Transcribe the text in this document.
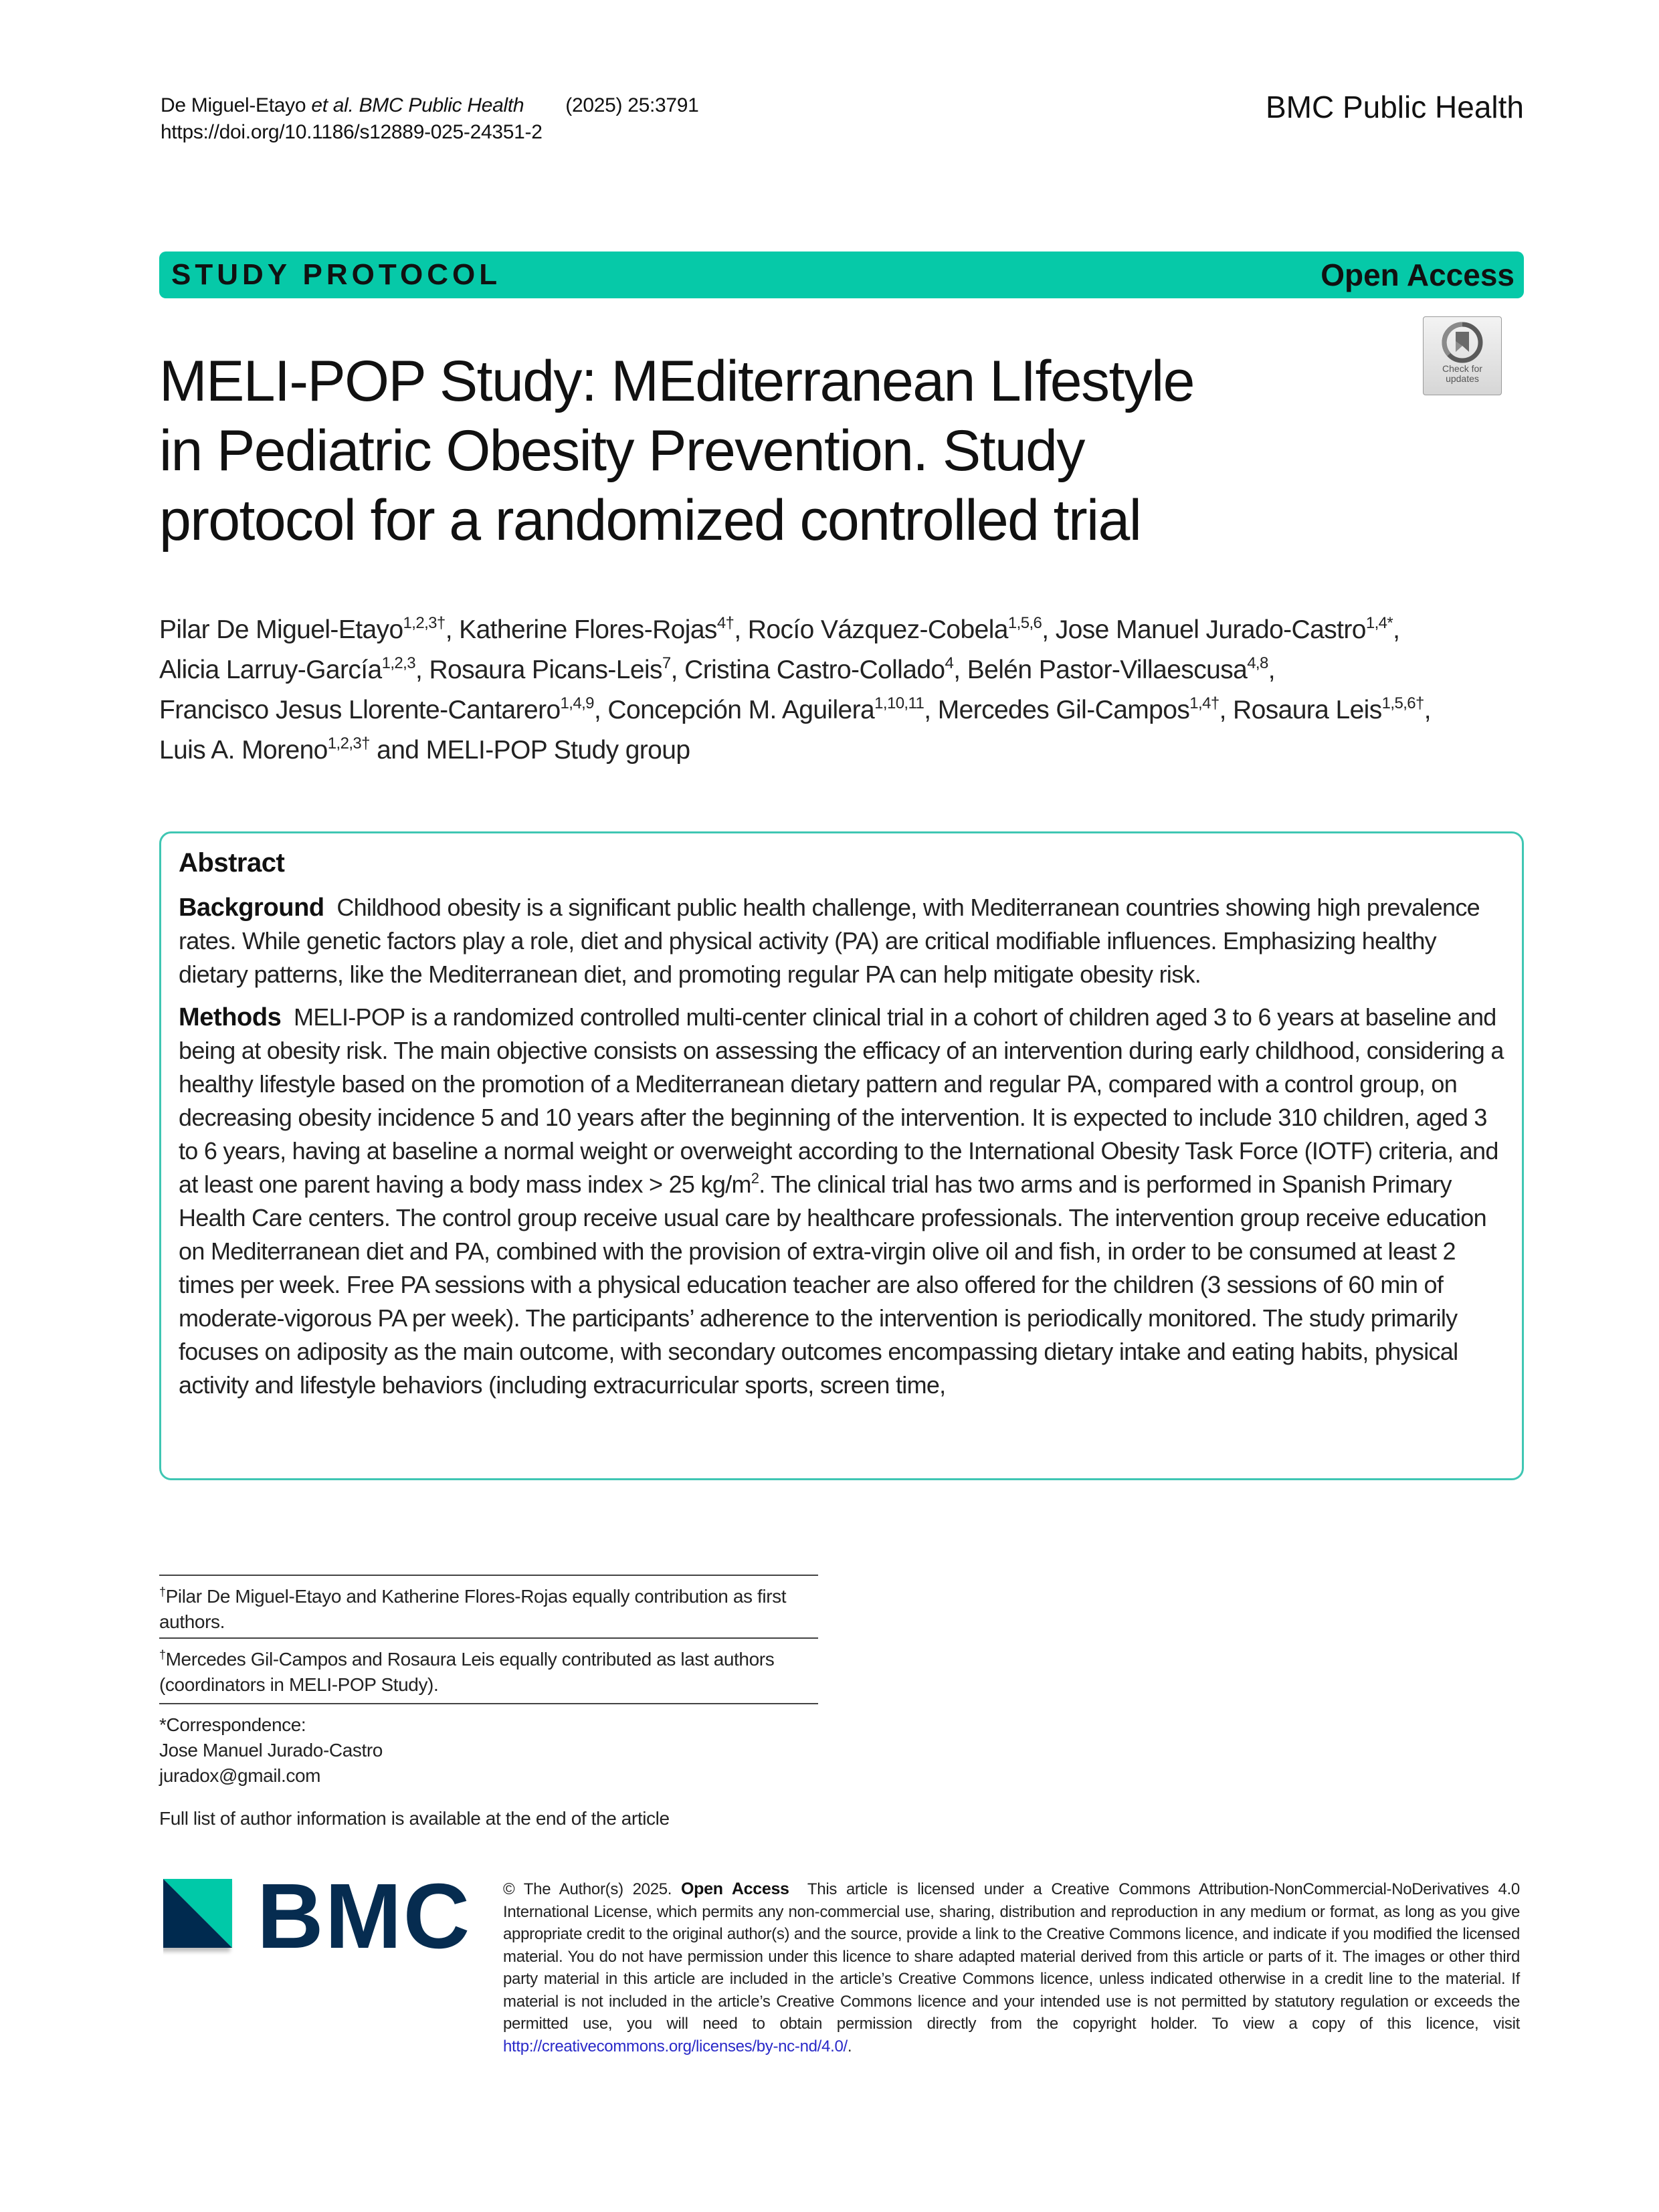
De Miguel-Etayo et al. BMC Public Health (2025) 25:3791
https://doi.org/10.1186/s12889-025-24351-2
BMC Public Health
STUDY PROTOCOL	Open Access
Check for
updates
MELI-POP Study: MEditerranean LIfestyle
in Pediatric Obesity Prevention. Study
protocol for a randomized controlled trial
Pilar De Miguel-Etayo$^{1,2,3\dagger}$, Katherine Flores-Rojas$^{4\dagger}$, Rocío Vázquez-Cobela$^{1,5,6}$, Jose Manuel Jurado-Castro$^{1,4*}$,
Alicia Larruy-García$^{1,2,3}$, Rosaura Picans-Leis$^7$, Cristina Castro-Collado$^4$, Belén Pastor-Villaescusa$^{4,8}$,
Francisco Jesus Llorente-Cantarero$^{1,4,9}$, Concepción M. Aguilera$^{1,10,11}$, Mercedes Gil-Campos$^{1,4\dagger}$, Rosaura Leis$^{1,5,6\dagger}$,
Luis A. Moreno$^{1,2,3\dagger}$ and MELI-POP Study group
Abstract

Background Childhood obesity is a significant public health challenge, with Mediterranean countries showing high prevalence rates. While genetic factors play a role, diet and physical activity (PA) are critical modifiable influences. Emphasizing healthy dietary patterns, like the Mediterranean diet, and promoting regular PA can help mitigate obesity risk.

Methods MELI-POP is a randomized controlled multi-center clinical trial in a cohort of children aged 3 to 6 years at baseline and being at obesity risk. The main objective consists on assessing the efficacy of an intervention during early childhood, considering a healthy lifestyle based on the promotion of a Mediterranean dietary pattern and regular PA, compared with a control group, on decreasing obesity incidence 5 and 10 years after the beginning of the intervention. It is expected to include 310 children, aged 3 to 6 years, having at baseline a normal weight or overweight according to the International Obesity Task Force (IOTF) criteria, and at least one parent having a body mass index > 25 $kg/m^2$. The clinical trial has two arms and is performed in Spanish Primary Health Care centers. The control group receive usual care by healthcare professionals. The intervention group receive education on Mediterranean diet and PA, combined with the provision of extra-virgin olive oil and fish, in order to be consumed at least 2 times per week. Free PA sessions with a physical education teacher are also offered for the children (3 sessions of 60 min of moderate-vigorous PA per week). The participants’ adherence to the intervention is periodically monitored. The study primarily focuses on adiposity as the main outcome, with secondary outcomes encompassing dietary intake and eating habits, physical activity and lifestyle behaviors (including extracurricular sports, screen time,

†Pilar De Miguel-Etayo and Katherine Flores-Rojas equally contribution as first authors.
†Mercedes Gil-Campos and Rosaura Leis equally contributed as last authors (coordinators in MELI-POP Study).
*Correspondence:
Jose Manuel Jurado-Castro
juradox@gmail.com
Full list of author information is available at the end of the article
BMC © The Author(s) 2025. Open Access This article is licensed under a Creative Commons Attribution-NonCommercial-NoDerivatives 4.0 International License, which permits any non-commercial use, sharing, distribution and reproduction in any medium or format, as long as you give appropriate credit to the original author(s) and the source, provide a link to the Creative Commons licence, and indicate if you modified the licensed material. You do not have permission under this licence to share adapted material derived from this article or parts of it. The images or other third party material in this article are included in the article’s Creative Commons licence, unless indicated otherwise in a credit line to the material. If material is not included in the article’s Creative Commons licence and your intended use is not permitted by statutory regulation or exceeds the permitted use, you will need to obtain permission directly from the copyright holder. To view a copy of this licence, visit http://creativecommons.org/licenses/by-nc-nd/4.0/.
